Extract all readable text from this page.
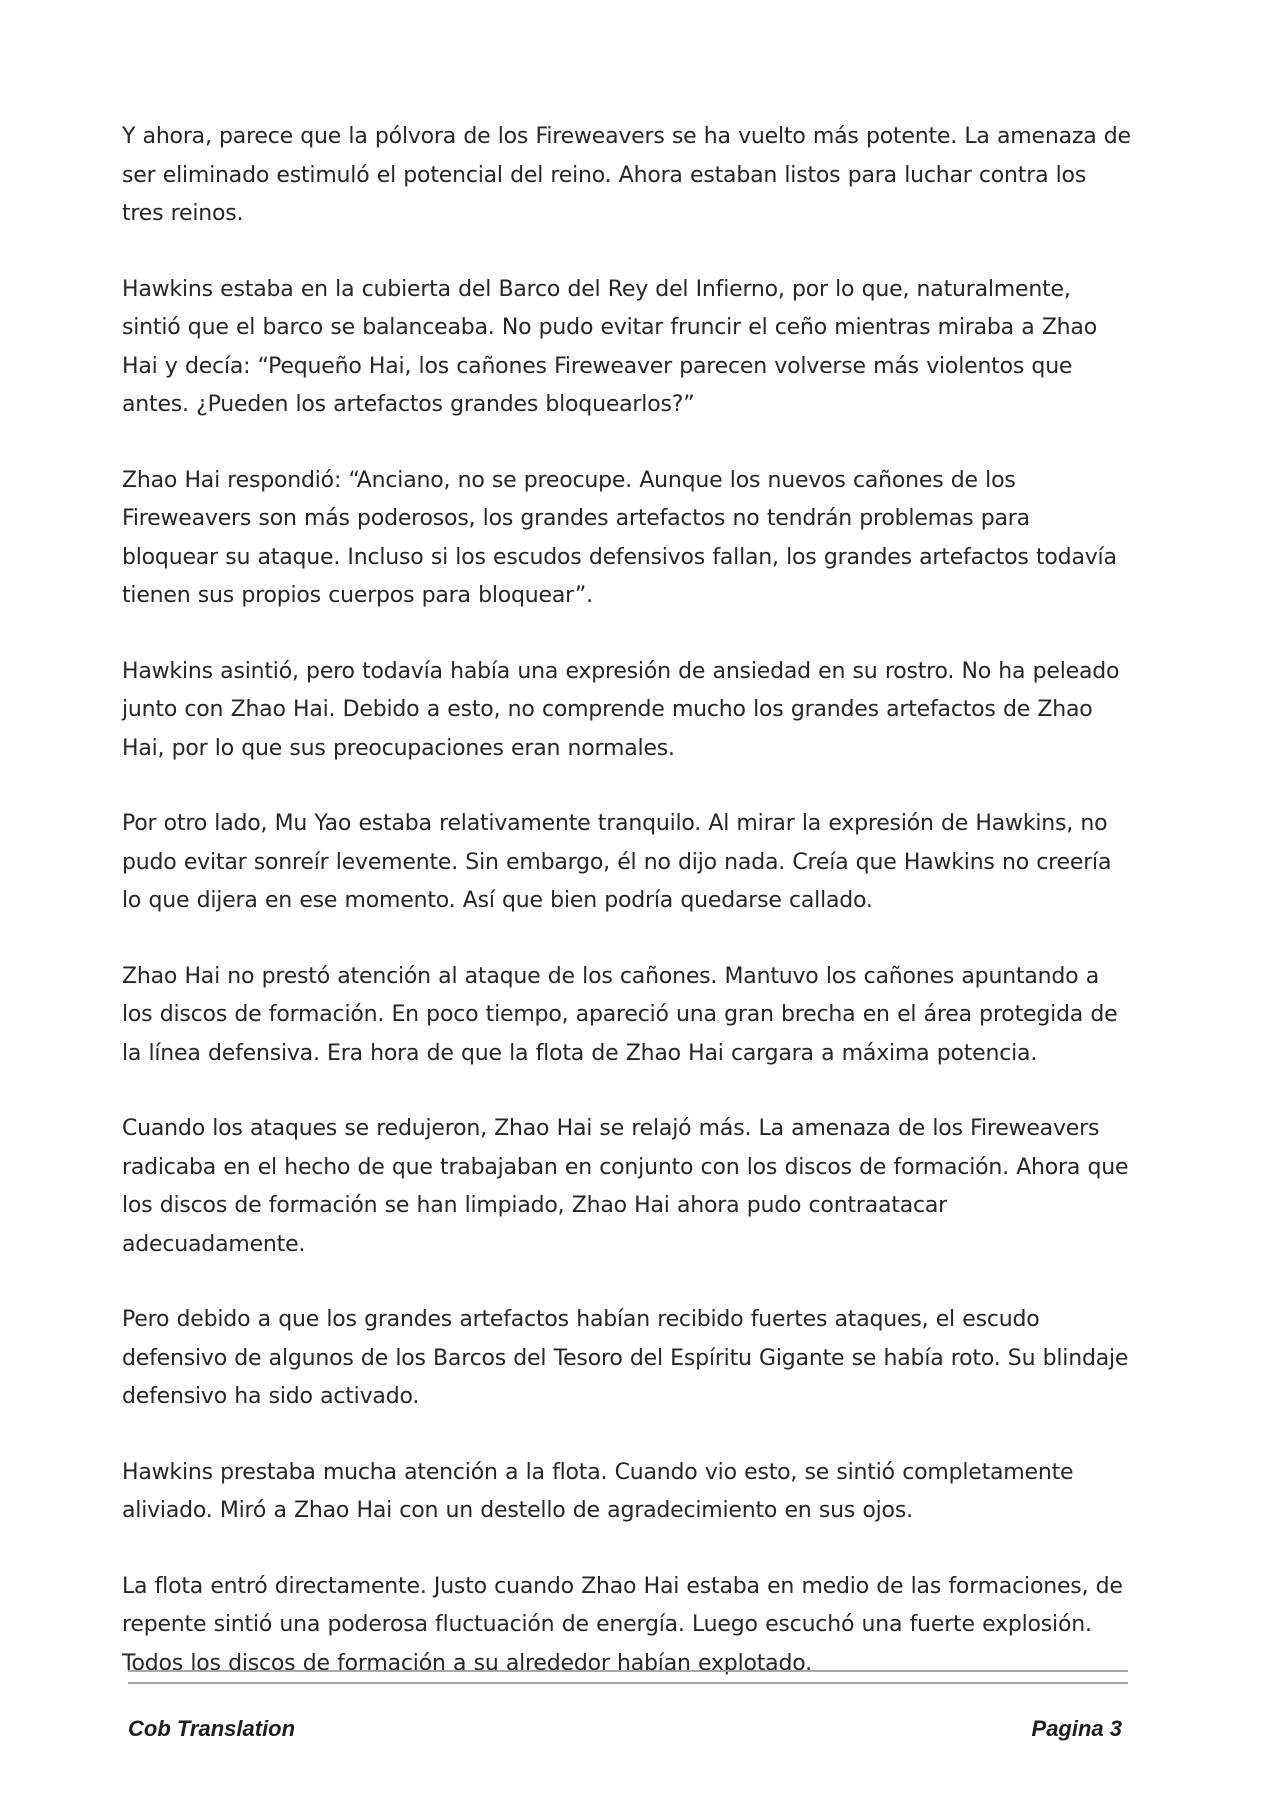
Y ahora, parece que la pólvora de los Fireweavers se ha vuelto más potente. La amenaza de ser eliminado estimuló el potencial del reino. Ahora estaban listos para luchar contra los tres reinos.

Hawkins estaba en la cubierta del Barco del Rey del Infierno, por lo que, naturalmente, sintió que el barco se balanceaba. No pudo evitar fruncir el ceño mientras miraba a Zhao Hai y decía: “Pequeño Hai, los cañones Fireweaver parecen volverse más violentos que antes. ¿Pueden los artefactos grandes bloquearlos?”

Zhao Hai respondió: “Anciano, no se preocupe. Aunque los nuevos cañones de los Fireweavers son más poderosos, los grandes artefactos no tendrán problemas para bloquear su ataque. Incluso si los escudos defensivos fallan, los grandes artefactos todavía tienen sus propios cuerpos para bloquear”.

Hawkins asintió, pero todavía había una expresión de ansiedad en su rostro. No ha peleado junto con Zhao Hai. Debido a esto, no comprende mucho los grandes artefactos de Zhao Hai, por lo que sus preocupaciones eran normales.

Por otro lado, Mu Yao estaba relativamente tranquilo. Al mirar la expresión de Hawkins, no pudo evitar sonreír levemente. Sin embargo, él no dijo nada. Creía que Hawkins no creería lo que dijera en ese momento. Así que bien podría quedarse callado.

Zhao Hai no prestó atención al ataque de los cañones. Mantuvo los cañones apuntando a los discos de formación. En poco tiempo, apareció una gran brecha en el área protegida de la línea defensiva. Era hora de que la flota de Zhao Hai cargara a máxima potencia.

Cuando los ataques se redujeron, Zhao Hai se relajó más. La amenaza de los Fireweavers radicaba en el hecho de que trabajaban en conjunto con los discos de formación. Ahora que los discos de formación se han limpiado, Zhao Hai ahora pudo contraatacar adecuadamente.

Pero debido a que los grandes artefactos habían recibido fuertes ataques, el escudo defensivo de algunos de los Barcos del Tesoro del Espíritu Gigante se había roto. Su blindaje defensivo ha sido activado.

Hawkins prestaba mucha atención a la flota. Cuando vio esto, se sintió completamente aliviado. Miró a Zhao Hai con un destello de agradecimiento en sus ojos.

La flota entró directamente. Justo cuando Zhao Hai estaba en medio de las formaciones, de repente sintió una poderosa fluctuación de energía. Luego escuchó una fuerte explosión. Todos los discos de formación a su alrededor habían explotado.

Cob Translation	Pagina 3
